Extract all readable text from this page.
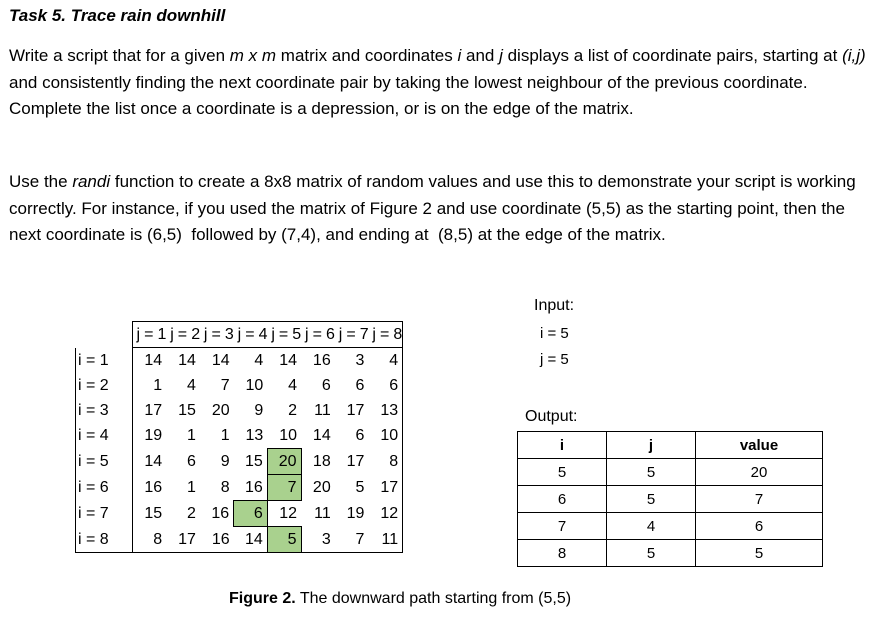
Task 5. Trace rain downhill
Write a script that for a given m x m matrix and coordinates i and j displays a list of coordinate pairs, starting at (i,j) and consistently finding the next coordinate pair by taking the lowest neighbour of the previous coordinate. Complete the list once a coordinate is a depression, or is on the edge of the matrix.
Use the randi function to create a 8x8 matrix of random values and use this to demonstrate your script is working correctly. For instance, if you used the matrix of Figure 2 and use coordinate (5,5) as the starting point, then the next coordinate is (6,5)  followed by (7,4), and ending at  (8,5) at the edge of the matrix.
	j = 1	j = 2	j = 3	j = 4	j = 5	j = 6	j = 7	j = 8
i = 1	14	14	14	4	14	16	3	4
i = 2	1	4	7	10	4	6	6	6
i = 3	17	15	20	9	2	11	17	13
i = 4	19	1	1	13	10	14	6	10
i = 5	14	6	9	15	20	18	17	8
i = 6	16	1	8	16	7	20	5	17
i = 7	15	2	16	6	12	11	19	12
i = 8	8	17	16	14	5	3	7	11
Input:
i = 5
j = 5
Output:
i	j	value
5	5	20
6	5	7
7	4	6
8	5	5
Figure 2. The downward path starting from (5,5)
